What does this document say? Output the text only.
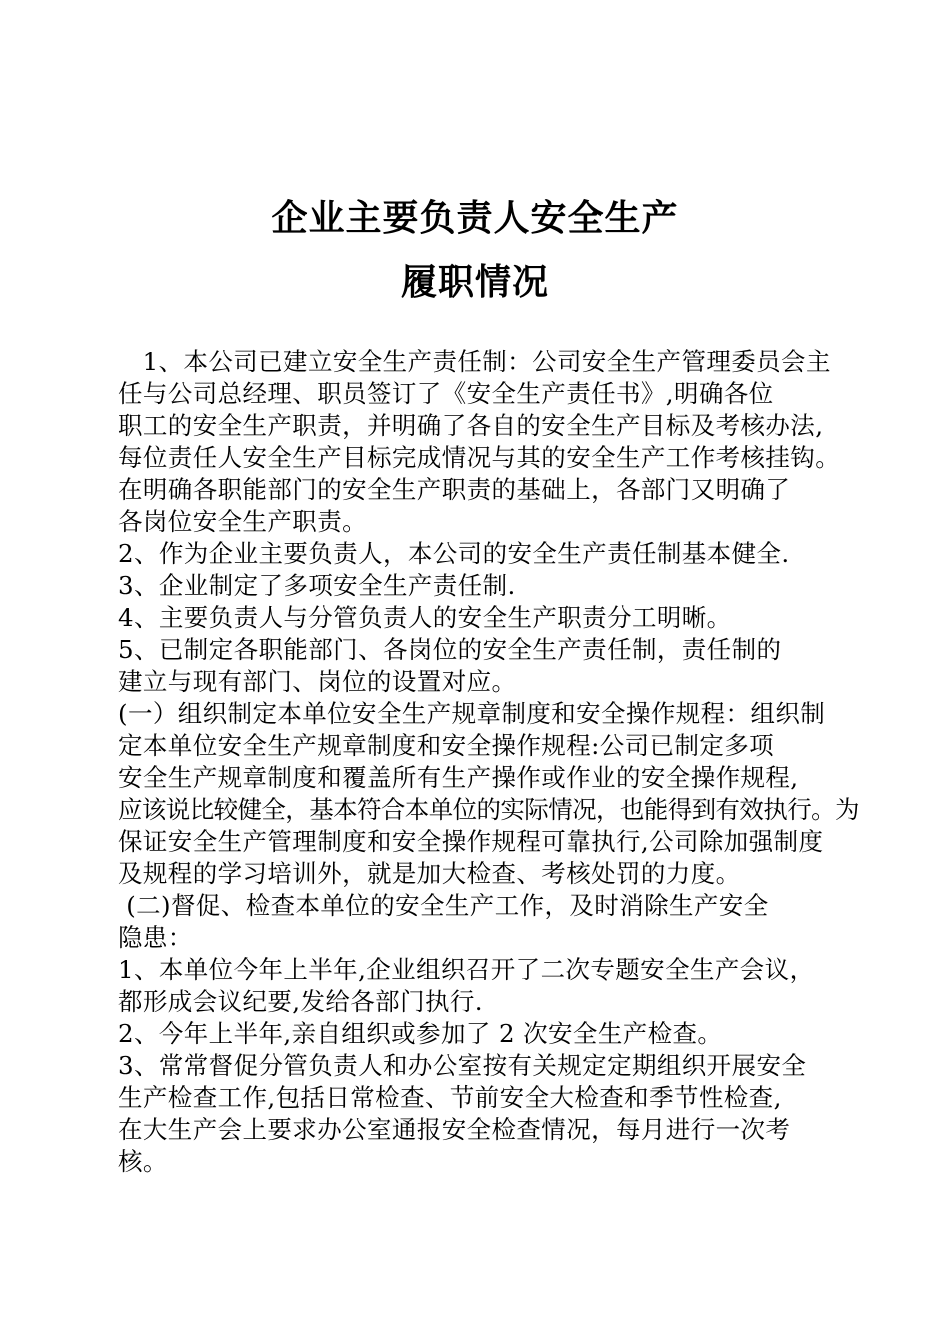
企业主要负责人安全生产
履职情况
1、本公司已建立安全生产责任制：公司安全生产管理委员会主
任与公司总经理、职员签订了《安全生产责任书》,明确各位
职工的安全生产职责，并明确了各自的安全生产目标及考核办法,
每位责任人安全生产目标完成情况与其的安全生产工作考核挂钩。
在明确各职能部门的安全生产职责的基础上，各部门又明确了
各岗位安全生产职责。
2、作为企业主要负责人，本公司的安全生产责任制基本健全.
3、企业制定了多项安全生产责任制.
4、主要负责人与分管负责人的安全生产职责分工明晰。
5、已制定各职能部门、各岗位的安全生产责任制，责任制的
建立与现有部门、岗位的设置对应。
(一）组织制定本单位安全生产规章制度和安全操作规程：组织制
定本单位安全生产规章制度和安全操作规程:公司已制定多项
安全生产规章制度和覆盖所有生产操作或作业的安全操作规程,
应该说比较健全，基本符合本单位的实际情况，也能得到有效执行。为
保证安全生产管理制度和安全操作规程可靠执行,公司除加强制度
及规程的学习培训外，就是加大检查、考核处罚的力度。
(二)督促、检查本单位的安全生产工作，及时消除生产安全
隐患：
1、本单位今年上半年,企业组织召开了二次专题安全生产会议，
都形成会议纪要,发给各部门执行.
2、今年上半年,亲自组织或参加了 2 次安全生产检查。
3、常常督促分管负责人和办公室按有关规定定期组织开展安全
生产检查工作,包括日常检查、节前安全大检查和季节性检查,
在大生产会上要求办公室通报安全检查情况，每月进行一次考
核。
